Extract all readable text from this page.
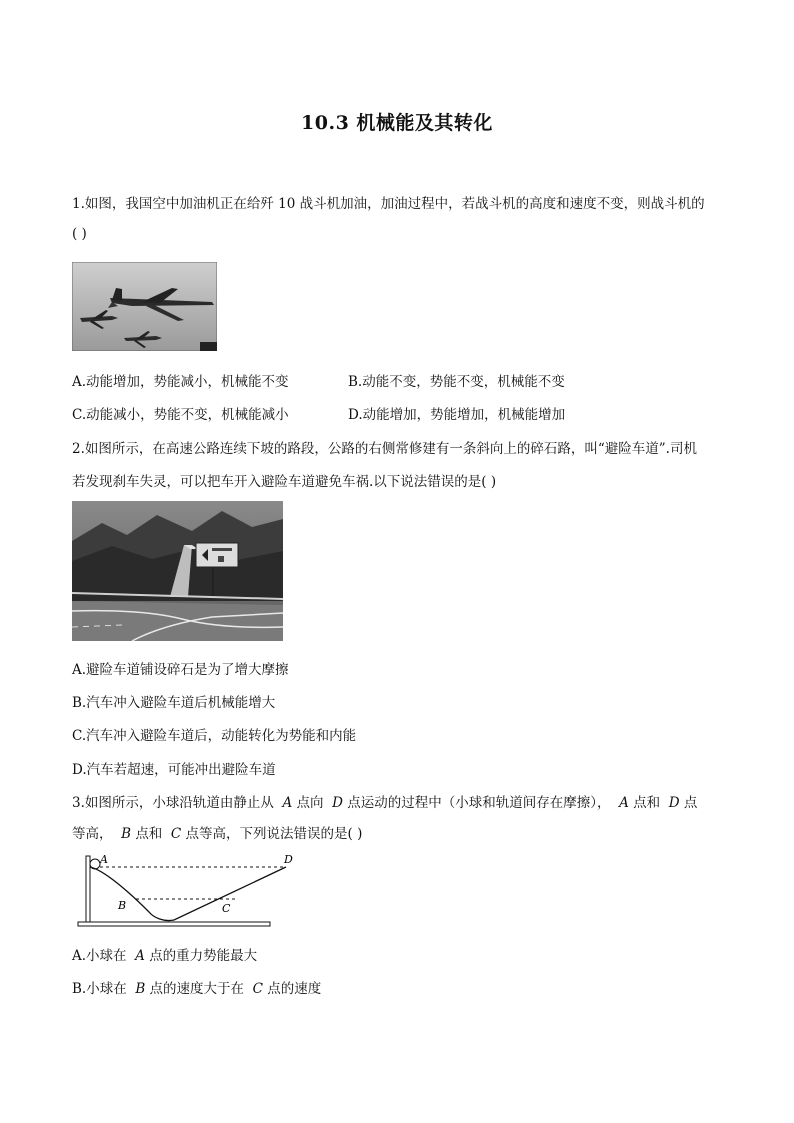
10.3 机械能及其转化
1.如图，我国空中加油机正在给歼 10 战斗机加油，加油过程中，若战斗机的高度和速度不变，则战斗机的
( )
A.动能增加，势能减小，机械能不变	B.动能不变，势能不变，机械能不变
C.动能减小，势能不变，机械能减小	D.动能增加，势能增加，机械能增加
2.如图所示，在高速公路连续下坡的路段，公路的右侧常修建有一条斜向上的碎石路，叫“避险车道”.司机
若发现刹车失灵，可以把车开入避险车道避免车祸.以下说法错误的是( )
A.避险车道铺设碎石是为了增大摩擦
B.汽车冲入避险车道后机械能增大
C.汽车冲入避险车道后，动能转化为势能和内能
D.汽车若超速，可能冲出避险车道
3.如图所示，小球沿轨道由静止从 A 点向 D 点运动的过程中（小球和轨道间存在摩擦）， A 点和 D 点
等高， B 点和 C 点等高，下列说法错误的是( )
A	D
B	C
A.小球在 A 点的重力势能最大
B.小球在 B 点的速度大于在 C 点的速度
